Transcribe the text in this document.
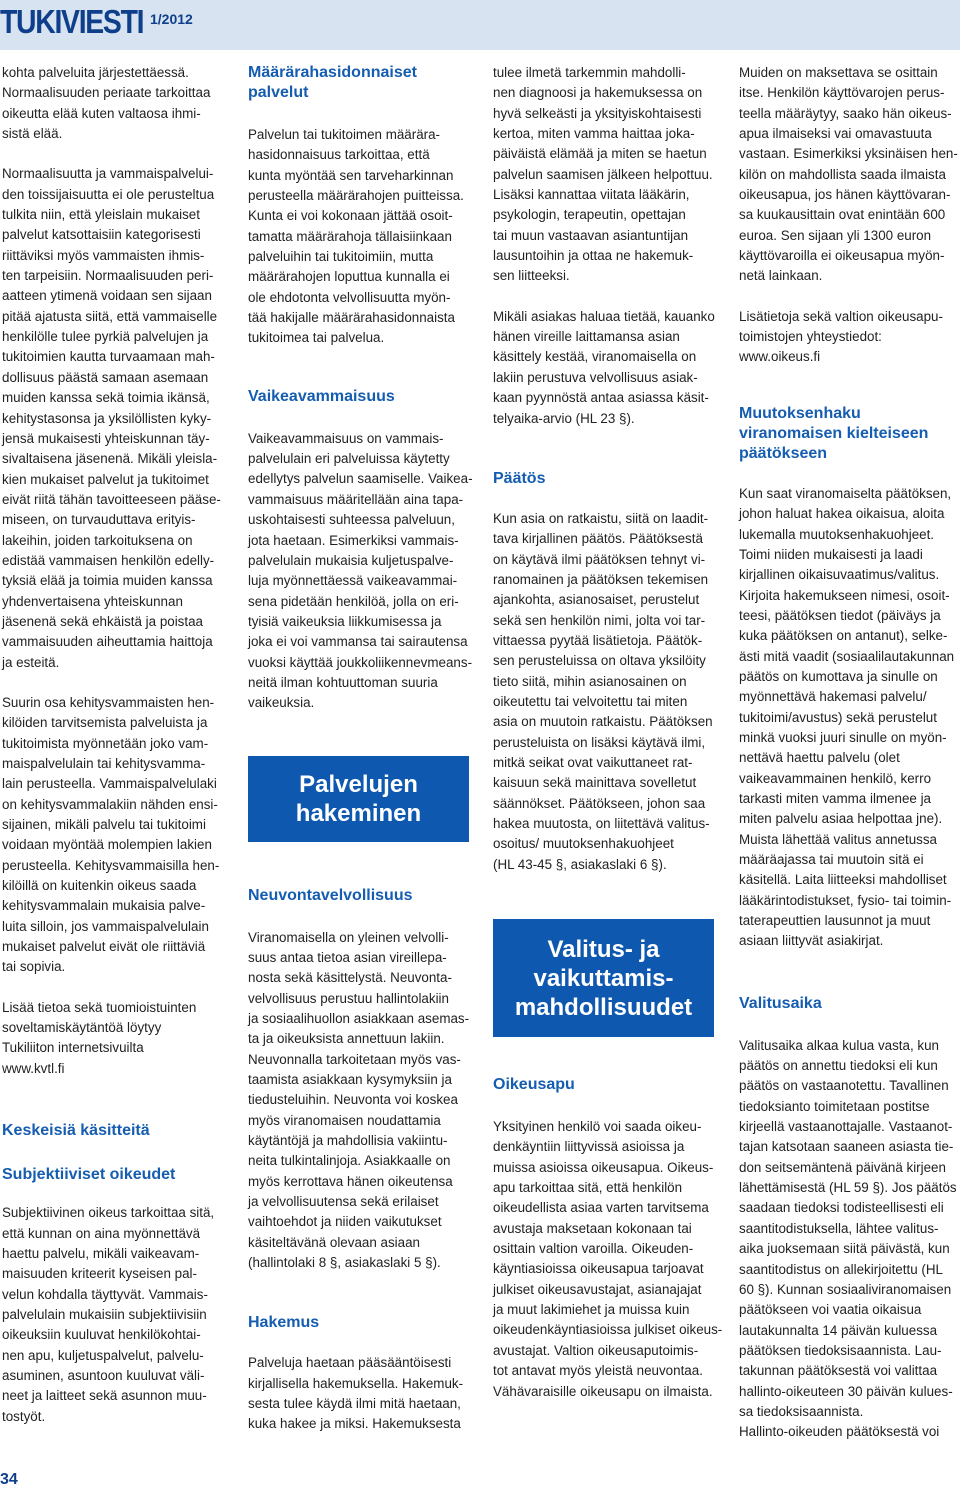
TUKIVIESTI 1/2012
kohta palveluita järjestettäessä.
Normaalisuuden periaate tarkoittaa
oikeutta elää kuten valtaosa ihmi-
sistä elää.
Normaalisuutta ja vammaispalvelui-
den toissijaisuutta ei ole perusteltua
tulkita niin, että yleislain mukaiset
palvelut katsottaisiin kategorisesti
riittäviksi myös vammaisten ihmis-
ten tarpeisiin. Normaalisuuden peri-
aatteen ytimenä voidaan sen sijaan
pitää ajatusta siitä, että vammaiselle
henkilölle tulee pyrkiä palvelujen ja
tukitoimien kautta turvaamaan mah-
dollisuus päästä samaan asemaan
muiden kanssa sekä toimia ikänsä,
kehitystasonsa ja yksilöllisten kyky-
jensä mukaisesti yhteiskunnan täy-
sivaltaisena jäsenenä. Mikäli yleisla-
kien mukaiset palvelut ja tukitoimet
eivät riitä tähän tavoitteeseen pääse-
miseen, on turvauduttava erityis-
lakeihin, joiden tarkoituksena on
edistää vammaisen henkilön edelly-
tyksiä elää ja toimia muiden kanssa
yhdenvertaisena yhteiskunnan
jäsenenä sekä ehkäistä ja poistaa
vammaisuuden aiheuttamia haittoja
ja esteitä.
Suurin osa kehitysvammaisten hen-
kilöiden tarvitsemista palveluista ja
tukitoimista myönnetään joko vam-
maispalvelulain tai kehitysvamma-
lain perusteella. Vammaispalvelulaki
on kehitysvammalakiin nähden ensi-
sijainen, mikäli palvelu tai tukitoimi
voidaan myöntää molempien lakien
perusteella. Kehitysvammaisilla hen-
kilöillä on kuitenkin oikeus saada
kehitysvammalain mukaisia palve-
luita silloin, jos vammaispalvelulain
mukaiset palvelut eivät ole riittäviä
tai sopivia.
Lisää tietoa sekä tuomioistuinten
soveltamiskäytäntöä löytyy
Tukiliiton internetsivuilta
www.kvtl.fi
Keskeisiä käsitteitä
Subjektiiviset oikeudet
Subjektiivinen oikeus tarkoittaa sitä,
että kunnan on aina myönnettävä
haettu palvelu, mikäli vaikeavam-
maisuuden kriteerit kyseisen pal-
velun kohdalla täyttyvät. Vammais-
palvelulain mukaisiin subjektiivisiin
oikeuksiin kuuluvat henkilökohtai-
nen apu, kuljetuspalvelut, palvelu-
asuminen, asuntoon kuuluvat väli-
neet ja laitteet sekä asunnon muu-
tostyöt.
Määrärahasidonnaiset
palvelut
Palvelun tai tukitoimen määrära-
hasidonnaisuus tarkoittaa, että
kunta myöntää sen tarveharkinnan
perusteella määrärahojen puitteissa.
Kunta ei voi kokonaan jättää osoit-
tamatta määrärahoja tällaisiinkaan
palveluihin tai tukitoimiin, mutta
määrärahojen loputtua kunnalla ei
ole ehdotonta velvollisuutta myön-
tää hakijalle määrärahasidonnaista
tukitoimea tai palvelua.
Vaikeavammaisuus
Vaikeavammaisuus on vammais-
palvelulain eri palveluissa käytetty
edellytys palvelun saamiselle. Vaikea-
vammaisuus määritellään aina tapa-
uskohtaisesti suhteessa palveluun,
jota haetaan. Esimerkiksi vammais-
palvelulain mukaisia kuljetuspalve-
luja myönnettäessä vaikeavammai-
sena pidetään henkilöä, jolla on eri-
tyisiä vaikeuksia liikkumisessa ja
joka ei voi vammansa tai sairautensa
vuoksi käyttää joukkoliikennevmeans-
neitä ilman kohtuuttoman suuria
vaikeuksia.
Palvelujen
hakeminen
Neuvontavelvollisuus
Viranomaisella on yleinen velvolli-
suus antaa tietoa asian vireillepa-
nosta sekä käsittelystä. Neuvonta-
velvollisuus perustuu hallintolakiin
ja sosiaalihuollon asiakkaan asemas-
ta ja oikeuksista annettuun lakiin.
Neuvonnalla tarkoitetaan myös vas-
taamista asiakkaan kysymyksiin ja
tiedusteluihin. Neuvonta voi koskea
myös viranomaisen noudattamia
käytäntöjä ja mahdollisia vakiintu-
neita tulkintalinjoja. Asiakkaalle on
myös kerrottava hänen oikeutensa
ja velvollisuutensa sekä erilaiset
vaihtoehdot ja niiden vaikutukset
käsiteltävänä olevaan asiaan
(hallintolaki 8 §, asiakaslaki 5 §).
Hakemus
Palveluja haetaan pääsääntöisesti
kirjallisella hakemuksella. Hakemuk-
sesta tulee käydä ilmi mitä haetaan,
kuka hakee ja miksi. Hakemuksesta
tulee ilmetä tarkemmin mahdolli-
nen diagnoosi ja hakemuksessa on
hyvä selkeästi ja yksityiskohtaisesti
kertoa, miten vamma haittaa joka-
päiväistä elämää ja miten se haetun
palvelun saamisen jälkeen helpottuu.
Lisäksi kannattaa viitata lääkärin,
psykologin, terapeutin, opettajan
tai muun vastaavan asiantuntijan
lausuntoihin ja ottaa ne hakemuk-
sen liitteeksi.
Mikäli asiakas haluaa tietää, kauanko
hänen vireille laittamansa asian
käsittely kestää, viranomaisella on
lakiin perustuva velvollisuus asiak-
kaan pyynnöstä antaa asiassa käsit-
telyaika-arvio (HL 23 §).
Päätös
Kun asia on ratkaistu, siitä on laadit-
tava kirjallinen päätös. Päätöksestä
on käytävä ilmi päätöksen tehnyt vi-
ranomainen ja päätöksen tekemisen
ajankohta, asianosaiset, perustelut
sekä sen henkilön nimi, jolta voi tar-
vittaessa pyytää lisätietoja. Päätök-
sen perusteluissa on oltava yksilöity
tieto siitä, mihin asianosainen on
oikeutettu tai velvoitettu tai miten
asia on muutoin ratkaistu. Päätöksen
perusteluista on lisäksi käytävä ilmi,
mitkä seikat ovat vaikuttaneet rat-
kaisuun sekä mainittava sovelletut
säännökset. Päätökseen, johon saa
hakea muutosta, on liitettävä valitus-
osoitus/ muutoksenhakuohjeet
(HL 43-45 §, asiakaslaki 6 §).
Valitus- ja
vaikuttamis-
mahdollisuudet
Oikeusapu
Yksityinen henkilö voi saada oikeu-
denkäyntiin liittyvissä asioissa ja
muissa asioissa oikeusapua. Oikeus-
apu tarkoittaa sitä, että henkilön
oikeudellista asiaa varten tarvitsema
avustaja maksetaan kokonaan tai
osittain valtion varoilla. Oikeuden-
käyntiasioissa oikeusapua tarjoavat
julkiset oikeusavustajat, asianajajat
ja muut lakimiehet ja muissa kuin
oikeudenkäyntiasioissa julkiset oikeus-
avustajat. Valtion oikeusaputoimis-
tot antavat myös yleistä neuvontaa.
Vähävaraisille oikeusapu on ilmaista.
Muiden on maksettava se osittain
itse. Henkilön käyttövarojen perus-
teella määräytyy, saako hän oikeus-
apua ilmaiseksi vai omavastuuta
vastaan. Esimerkiksi yksinäisen hen-
kilön on mahdollista saada ilmaista
oikeusapua, jos hänen käyttövaran-
sa kuukausittain ovat enintään 600
euroa. Sen sijaan yli 1300 euron
käyttövaroilla ei oikeusapua myön-
netä lainkaan.
Lisätietoja sekä valtion oikeusapu-
toimistojen yhteystiedot:
www.oikeus.fi
Muutoksenhaku
viranomaisen kielteiseen
päätökseen
Kun saat viranomaiselta päätöksen,
johon haluat hakea oikaisua, aloita
lukemalla muutoksenhakuohjeet.
Toimi niiden mukaisesti ja laadi
kirjallinen oikaisuvaatimus/valitus.
Kirjoita hakemukseen nimesi, osoit-
teesi, päätöksen tiedot (päiväys ja
kuka päätöksen on antanut), selke-
ästi mitä vaadit (sosiaalilautakunnan
päätös on kumottava ja sinulle on
myönnettävä hakemasi palvelu/
tukitoimi/avustus) sekä perustelut
minkä vuoksi juuri sinulle on myön-
nettävä haettu palvelu (olet
vaikeavammainen henkilö, kerro
tarkasti miten vamma ilmenee ja
miten palvelu asiaa helpottaa jne).
Muista lähettää valitus annetussa
määräajassa tai muutoin sitä ei
käsitellä. Laita liitteeksi mahdolliset
lääkärintodistukset, fysio- tai toimin-
taterapeuttien lausunnot ja muut
asiaan liittyvät asiakirjat.
Valitusaika
Valitusaika alkaa kulua vasta, kun
päätös on annettu tiedoksi eli kun
päätös on vastaanotettu. Tavallinen
tiedoksianto toimitetaan postitse
kirjeellä vastaanottajalle. Vastaanot-
tajan katsotaan saaneen asiasta tie-
don seitsemäntenä päivänä kirjeen
lähettämisestä (HL 59 §). Jos päätös
saadaan tiedoksi todisteellisesti eli
saantitodistuksella, lähtee valitus-
aika juoksemaan siitä päivästä, kun
saantitodistus on allekirjoitettu (HL
60 §). Kunnan sosiaaliviranomaisen
päätökseen voi vaatia oikaisua
lautakunnalta 14 päivän kuluessa
päätöksen tiedoksisaannista. Lau-
takunnan päätöksestä voi valittaa
hallinto-oikeuteen 30 päivän kulues-
sa tiedoksisaannista.
Hallinto-oikeuden päätöksestä voi
34
